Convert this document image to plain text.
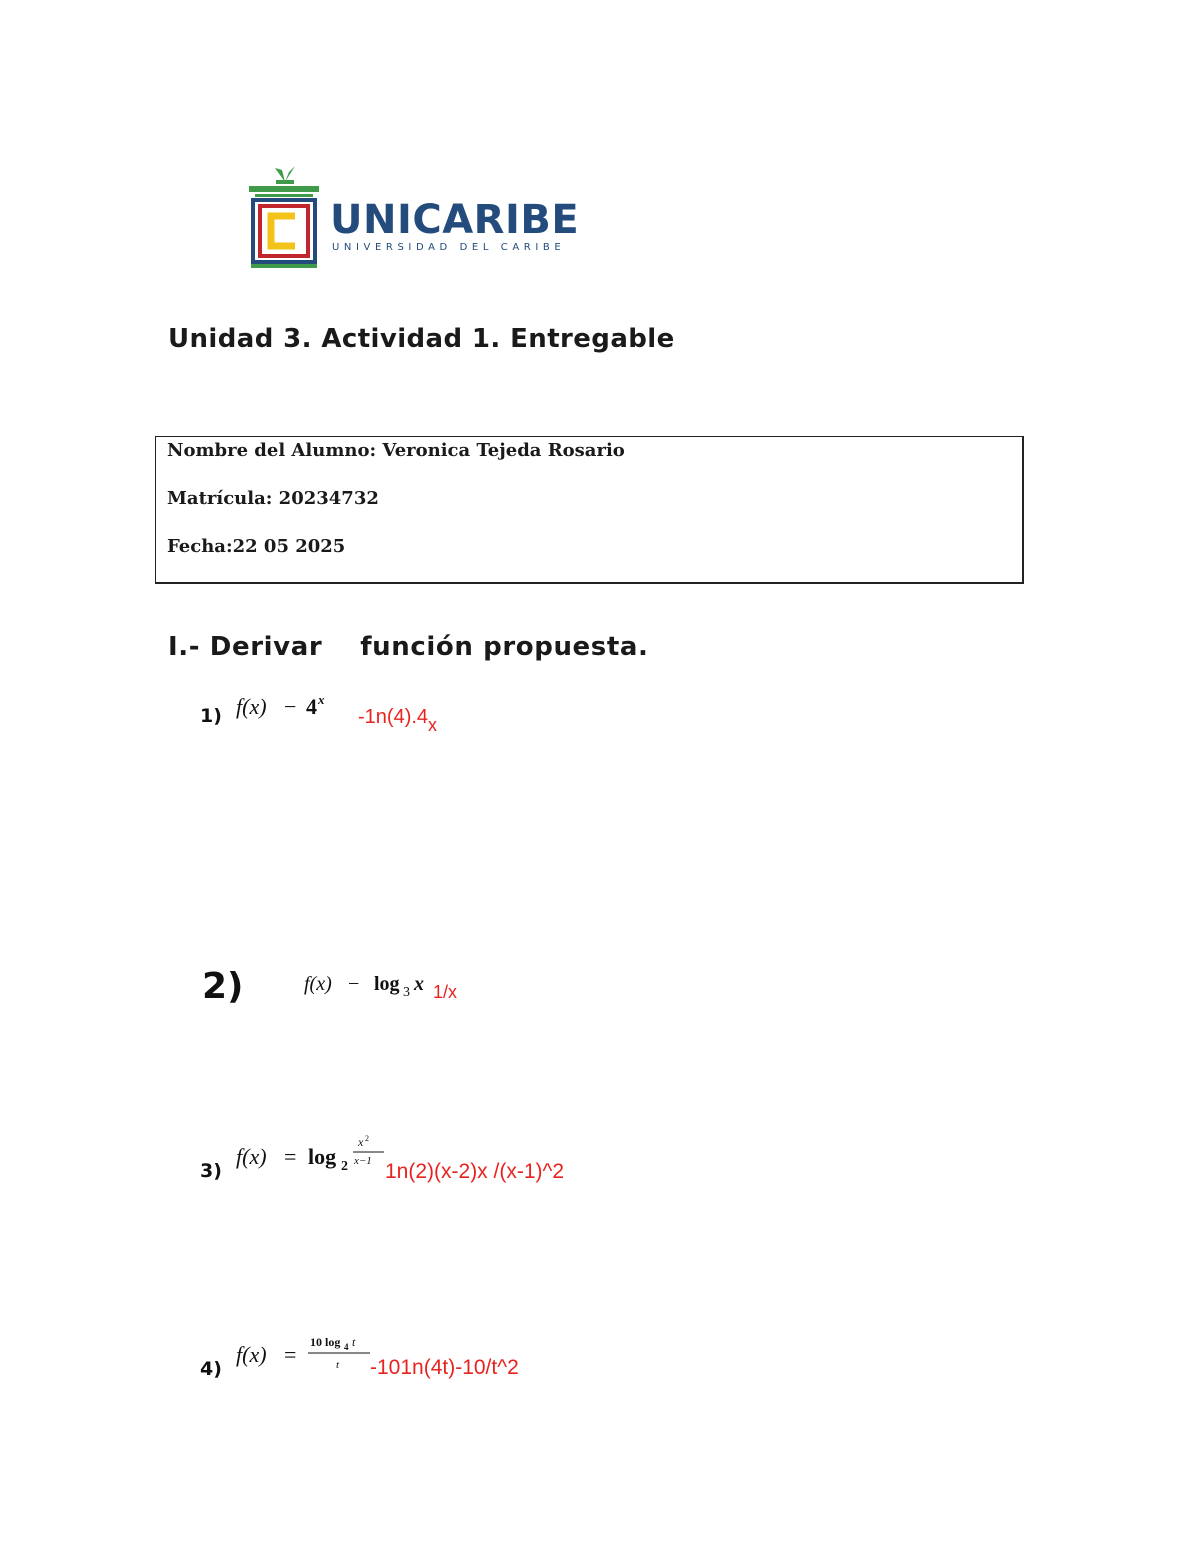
UNICARIBE
UNIVERSIDAD DEL CARIBE
Unidad 3. Actividad 1. Entregable
Nombre del Alumno: Veronica Tejeda Rosario
Matrícula: 20234732
Fecha:22 05 2025
I.- Derivar función propuesta.
1) f(x) − 4 x
-1n(4).4x
2)	f(x) − log 3 x 1/x
3)
f(x) = log 2
x 2
x−1 1n(2)(x-2)x /(x-1)^2
4)
f(x) = 10 log 4 t
t -101n(4t)-10/t^2
